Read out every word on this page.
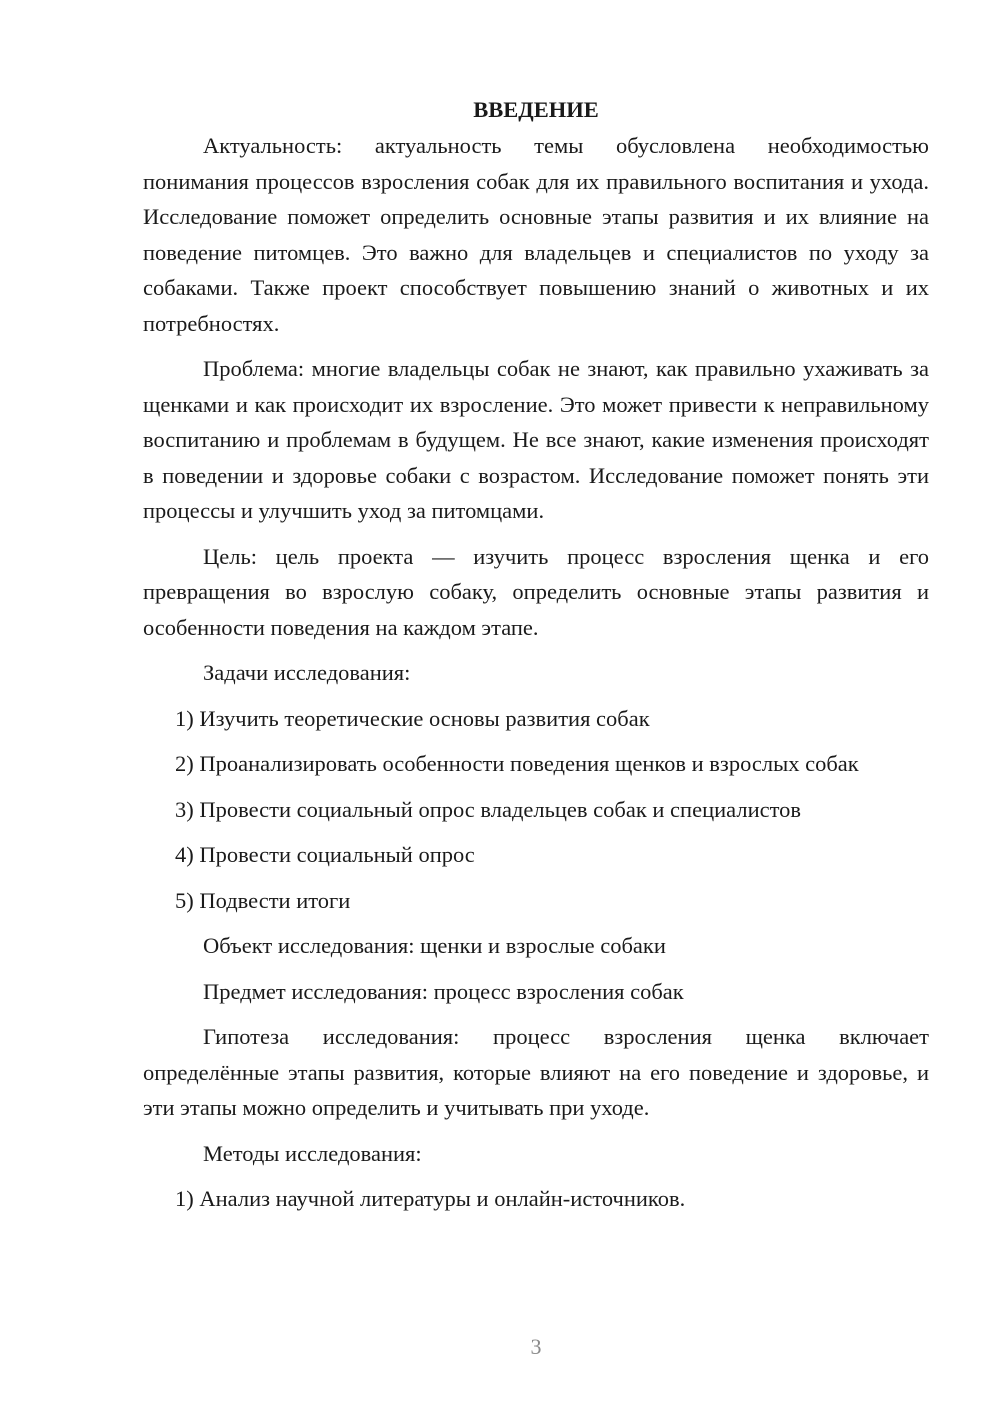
ВВЕДЕНИЕ

Актуальность: актуальность темы обусловлена необходимостью понимания процессов взросления собак для их правильного воспитания и ухода. Исследование поможет определить основные этапы развития и их влияние на поведение питомцев. Это важно для владельцев и специалистов по уходу за собаками. Также проект способствует повышению знаний о животных и их потребностях.

Проблема: многие владельцы собак не знают, как правильно ухаживать за щенками и как происходит их взросление. Это может привести к неправильному воспитанию и проблемам в будущем. Не все знают, какие изменения происходят в поведении и здоровье собаки с возрастом. Исследование поможет понять эти процессы и улучшить уход за питомцами.

Цель: цель проекта — изучить процесс взросления щенка и его превращения во взрослую собаку, определить основные этапы развития и особенности поведения на каждом этапе.

Задачи исследования:

1) Изучить теоретические основы развития собак

2) Проанализировать особенности поведения щенков и взрослых собак

3) Провести социальный опрос владельцев собак и специалистов

4) Провести социальный опрос

5) Подвести итоги

Объект исследования: щенки и взрослые собаки

Предмет исследования: процесс взросления собак

Гипотеза исследования: процесс взросления щенка включает определённые этапы развития, которые влияют на его поведение и здоровье, и эти этапы можно определить и учитывать при уходе.

Методы исследования:

1) Анализ научной литературы и онлайн-источников.

3
